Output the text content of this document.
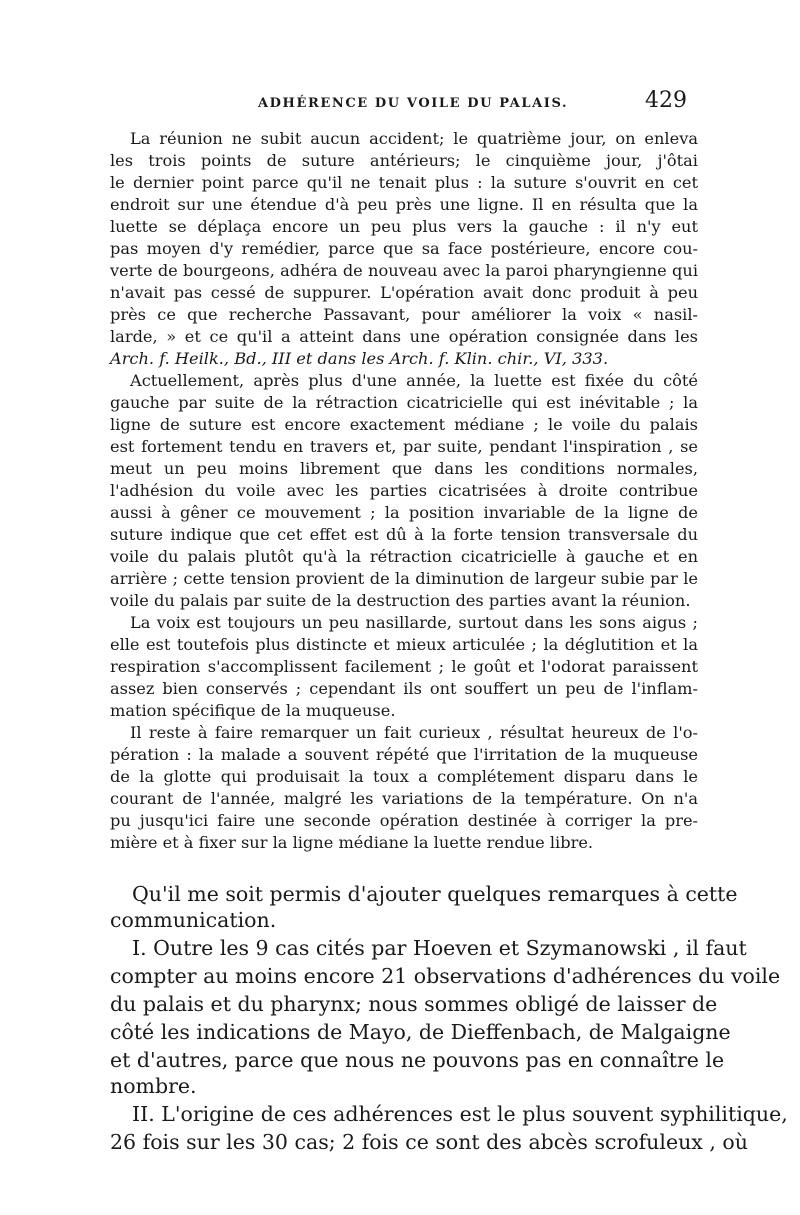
ADHÉRENCE DU VOILE DU PALAIS.	429
La réunion ne subit aucun accident; le quatrième jour, on enleva
les trois points de suture antérieurs; le cinquième jour, j'ôtai
le dernier point parce qu'il ne tenait plus : la suture s'ouvrit en cet
endroit sur une étendue d'à peu près une ligne. Il en résulta que la
luette se déplaça encore un peu plus vers la gauche : il n'y eut
pas moyen d'y remédier, parce que sa face postérieure, encore cou-
verte de bourgeons, adhéra de nouveau avec la paroi pharyngienne qui
n'avait pas cessé de suppurer. L'opération avait donc produit à peu
près ce que recherche Passavant, pour améliorer la voix « nasil-
larde, » et ce qu'il a atteint dans une opération consignée dans les
Arch. f. Heilk., Bd., III et dans les Arch. f. Klin. chir., VI, 333.
Actuellement, après plus d'une année, la luette est fixée du côté
gauche par suite de la rétraction cicatricielle qui est inévitable ; la
ligne de suture est encore exactement médiane ; le voile du palais
est fortement tendu en travers et, par suite, pendant l'inspiration , se
meut un peu moins librement que dans les conditions normales,
l'adhésion du voile avec les parties cicatrisées à droite contribue
aussi à gêner ce mouvement ; la position invariable de la ligne de
suture indique que cet effet est dû à la forte tension transversale du
voile du palais plutôt qu'à la rétraction cicatricielle à gauche et en
arrière ; cette tension provient de la diminution de largeur subie par le
voile du palais par suite de la destruction des parties avant la réunion.
La voix est toujours un peu nasillarde, surtout dans les sons aigus ;
elle est toutefois plus distincte et mieux articulée ; la déglutition et la
respiration s'accomplissent facilement ; le goût et l'odorat paraissent
assez bien conservés ; cependant ils ont souffert un peu de l'inflam-
mation spécifique de la muqueuse.
Il reste à faire remarquer un fait curieux , résultat heureux de l'o-
pération : la malade a souvent répété que l'irritation de la muqueuse
de la glotte qui produisait la toux a complétement disparu dans le
courant de l'année, malgré les variations de la température. On n'a
pu jusqu'ici faire une seconde opération destinée à corriger la pre-
mière et à fixer sur la ligne médiane la luette rendue libre.
Qu'il me soit permis d'ajouter quelques remarques à cette
communication.
I. Outre les 9 cas cités par Hoeven et Szymanowski , il faut
compter au moins encore 21 observations d'adhérences du voile
du palais et du pharynx; nous sommes obligé de laisser de
côté les indications de Mayo, de Dieffenbach, de Malgaigne
et d'autres, parce que nous ne pouvons pas en connaître le
nombre.
II. L'origine de ces adhérences est le plus souvent syphilitique,
26 fois sur les 30 cas; 2 fois ce sont des abcès scrofuleux , où
